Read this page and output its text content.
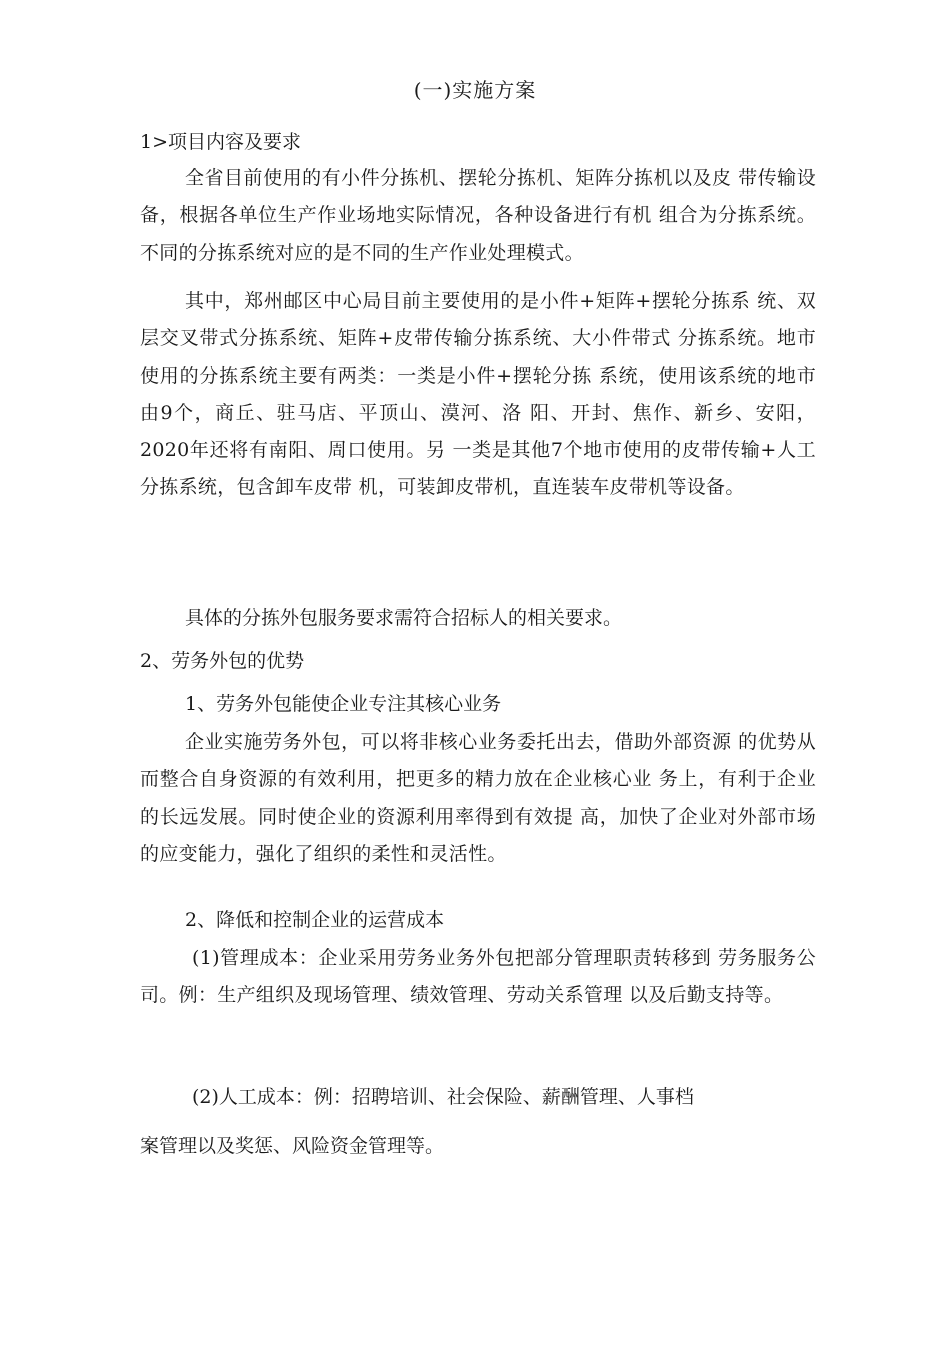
(一)实施方案
1>项目内容及要求

全省目前使用的有小件分拣机、摆轮分拣机、矩阵分拣机以及皮 带传输设备，根据各单位生产作业场地实际情况，各种设备进行有机 组合为分拣系统。不同的分拣系统对应的是不同的生产作业处理模式。

其中，郑州邮区中心局目前主要使用的是小件+矩阵+摆轮分拣系 统、双层交叉带式分拣系统、矩阵+皮带传输分拣系统、大小件带式 分拣系统。地市使用的分拣系统主要有两类：一类是小件+摆轮分拣 系统，使用该系统的地市由9个，商丘、驻马店、平顶山、漠河、洛 阳、开封、焦作、新乡、安阳，2020年还将有南阳、周口使用。另 一类是其他7个地市使用的皮带传输+人工分拣系统，包含卸车皮带 机，可装卸皮带机，直连装车皮带机等设备。

具体的分拣外包服务要求需符合招标人的相关要求。
2、劳务外包的优势
1、劳务外包能使企业专注其核心业务

企业实施劳务外包，可以将非核心业务委托出去，借助外部资源 的优势从而整合自身资源的有效利用，把更多的精力放在企业核心业 务上，有利于企业的长远发展。同时使企业的资源利用率得到有效提 高，加快了企业对外部市场的应变能力，强化了组织的柔性和灵活性。

2、降低和控制企业的运营成本

(1)管理成本：企业采用劳务业务外包把部分管理职责转移到 劳务服务公司。例：生产组织及现场管理、绩效管理、劳动关系管理 以及后勤支持等。

(2)人工成本：例：招聘培训、社会保险、薪酬管理、人事档
案管理以及奖惩、风险资金管理等。
